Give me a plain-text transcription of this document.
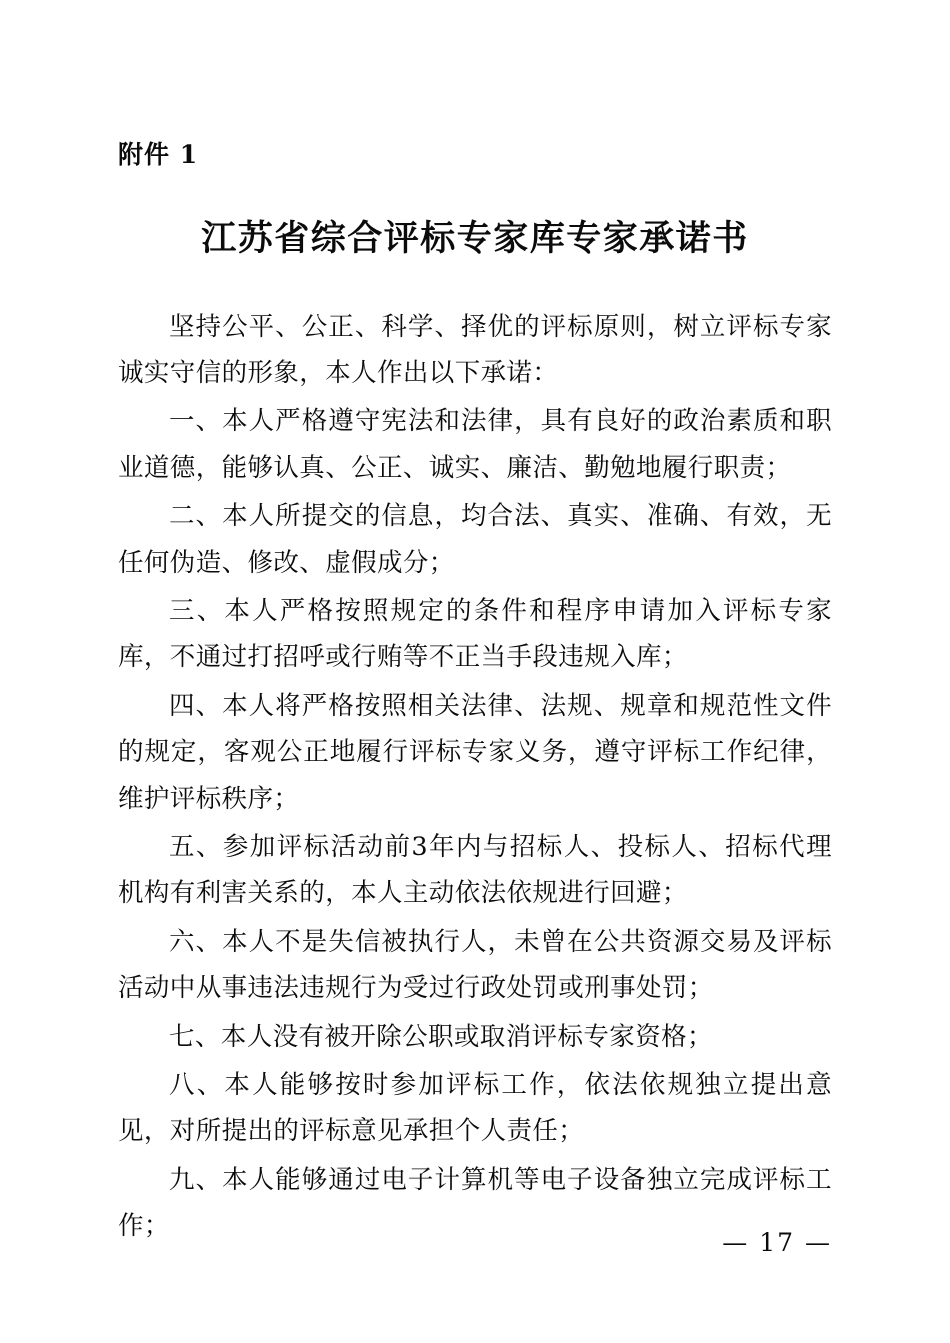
附件 1
江苏省综合评标专家库专家承诺书

坚持公平、公正、科学、择优的评标原则，树立评标专家诚实守信的形象，本人作出以下承诺：

一、本人严格遵守宪法和法律，具有良好的政治素质和职业道德，能够认真、公正、诚实、廉洁、勤勉地履行职责；

二、本人所提交的信息，均合法、真实、准确、有效，无任何伪造、修改、虚假成分；

三、本人严格按照规定的条件和程序申请加入评标专家库，不通过打招呼或行贿等不正当手段违规入库；

四、本人将严格按照相关法律、法规、规章和规范性文件的规定，客观公正地履行评标专家义务，遵守评标工作纪律，维护评标秩序；

五、参加评标活动前3年内与招标人、投标人、招标代理机构有利害关系的，本人主动依法依规进行回避；

六、本人不是失信被执行人，未曾在公共资源交易及评标活动中从事违法违规行为受过行政处罚或刑事处罚；

七、本人没有被开除公职或取消评标专家资格；

八、本人能够按时参加评标工作，依法依规独立提出意见，对所提出的评标意见承担个人责任；

九、本人能够通过电子计算机等电子设备独立完成评标工作；

— 17 —
